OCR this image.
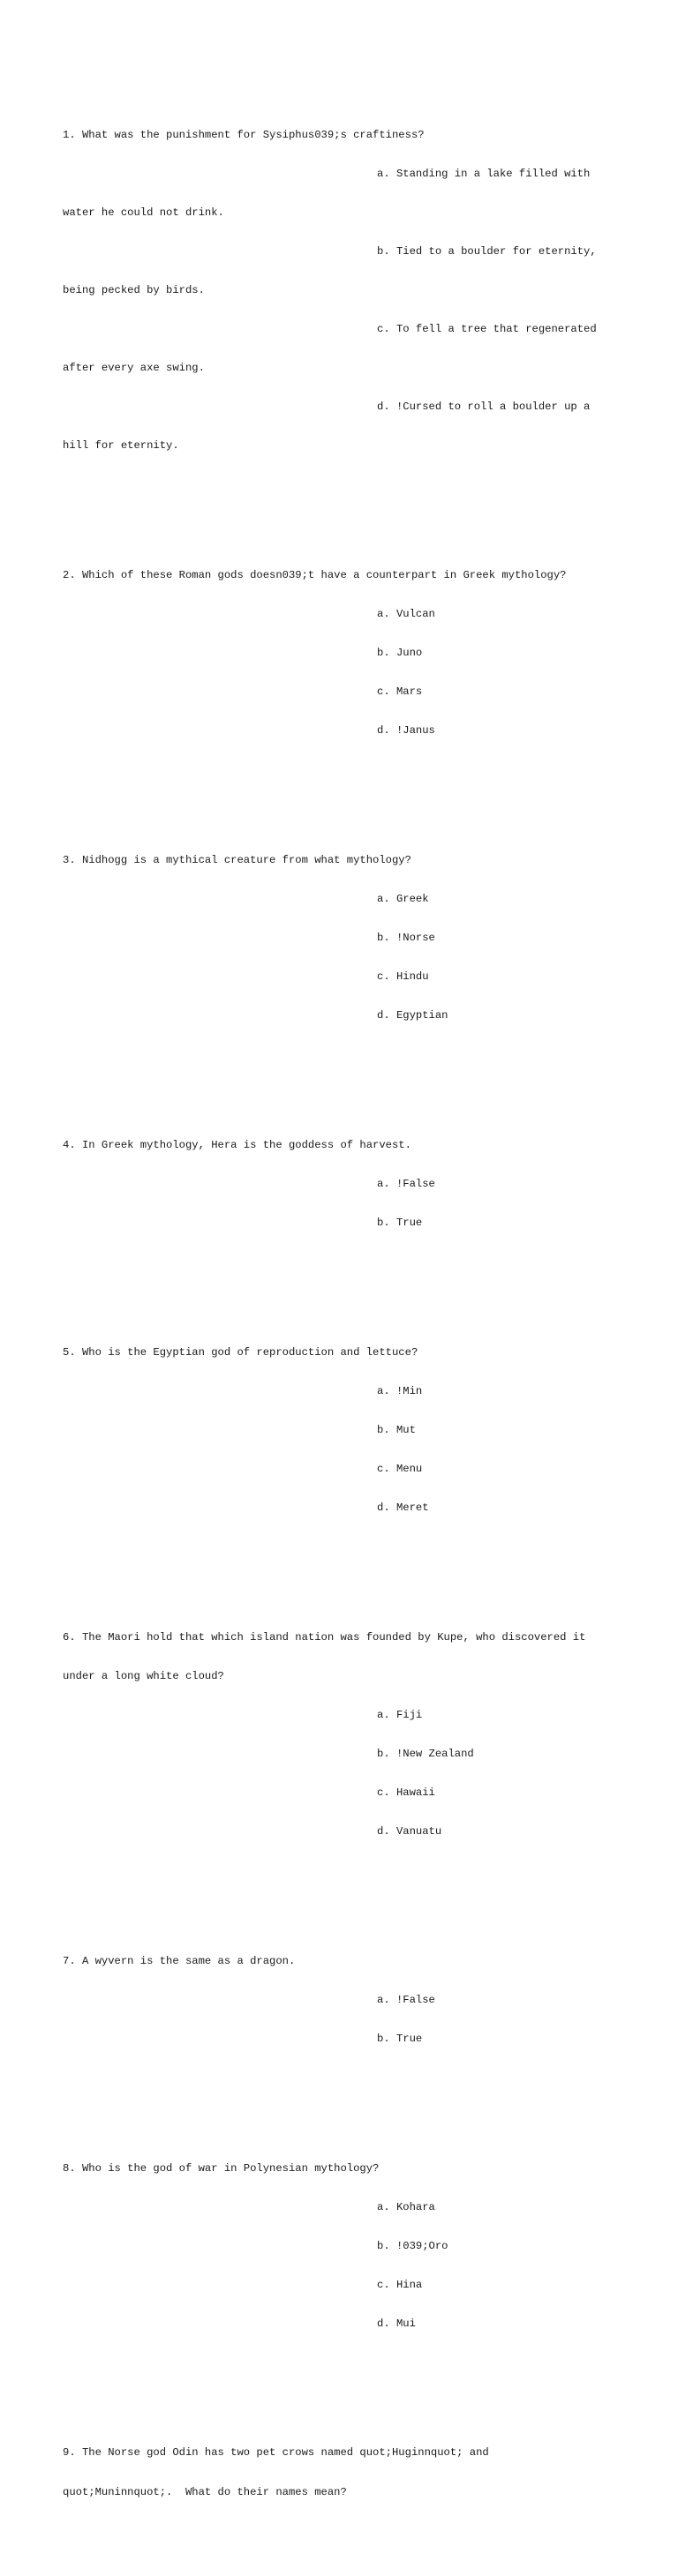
1. What was the punishment for Sysiphus039;s craftiness?

a. Standing in a lake filled with

water he could not drink.

b. Tied to a boulder for eternity,

being pecked by birds.

c. To fell a tree that regenerated

after every axe swing.

d. !Cursed to roll a boulder up a

hill for eternity.

2. Which of these Roman gods doesn039;t have a counterpart in Greek mythology?

a. Vulcan

b. Juno

c. Mars

d. !Janus

3. Nidhogg is a mythical creature from what mythology?

a. Greek

b. !Norse

c. Hindu

d. Egyptian

4. In Greek mythology, Hera is the goddess of harvest.

a. !False

b. True

5. Who is the Egyptian god of reproduction and lettuce?

a. !Min

b. Mut

c. Menu

d. Meret

6. The Maori hold that which island nation was founded by Kupe, who discovered it

under a long white cloud?

a. Fiji

b. !New Zealand

c. Hawaii

d. Vanuatu

7. A wyvern is the same as a dragon.

a. !False

b. True

8. Who is the god of war in Polynesian mythology?

a. Kohara

b. !039;Oro

c. Hina

d. Mui

9. The Norse god Odin has two pet crows named quot;Huginnquot; and

quot;Muninnquot;.  What do their names mean?
